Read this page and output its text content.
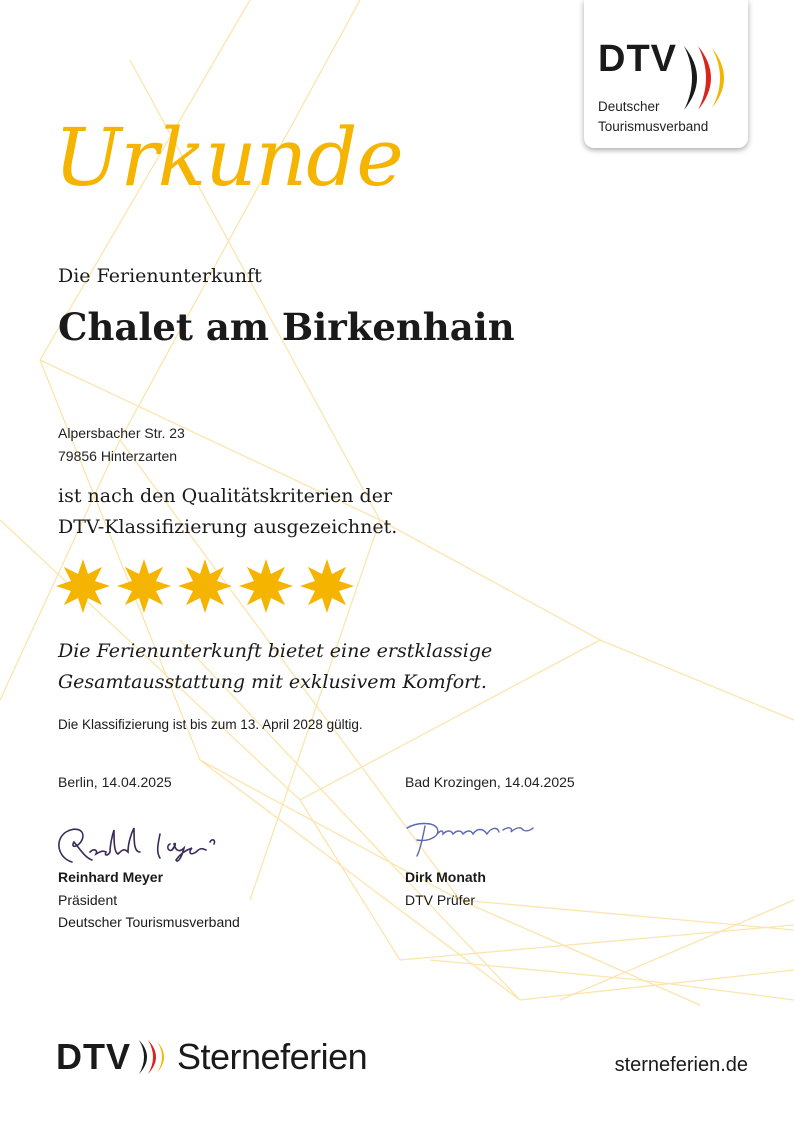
DTV
Deutscher
Tourismusverband
Urkunde
Die Ferienunterkunft
Chalet am Birkenhain
Alpersbacher Str. 23
79856 Hinterzarten
ist nach den Qualitätskriterien der
DTV-Klassifizierung ausgezeichnet.
Die Ferienunterkunft bietet eine erstklassige
Gesamtausstattung mit exklusivem Komfort.
Die Klassifizierung ist bis zum 13. April 2028 gültig.
Berlin, 14.04.2025
Reinhard Meyer
Präsident
Deutscher Tourismusverband
Bad Krozingen, 14.04.2025
Dirk Monath
DTV Prüfer
DTV Sterneferien	sterneferien.de
